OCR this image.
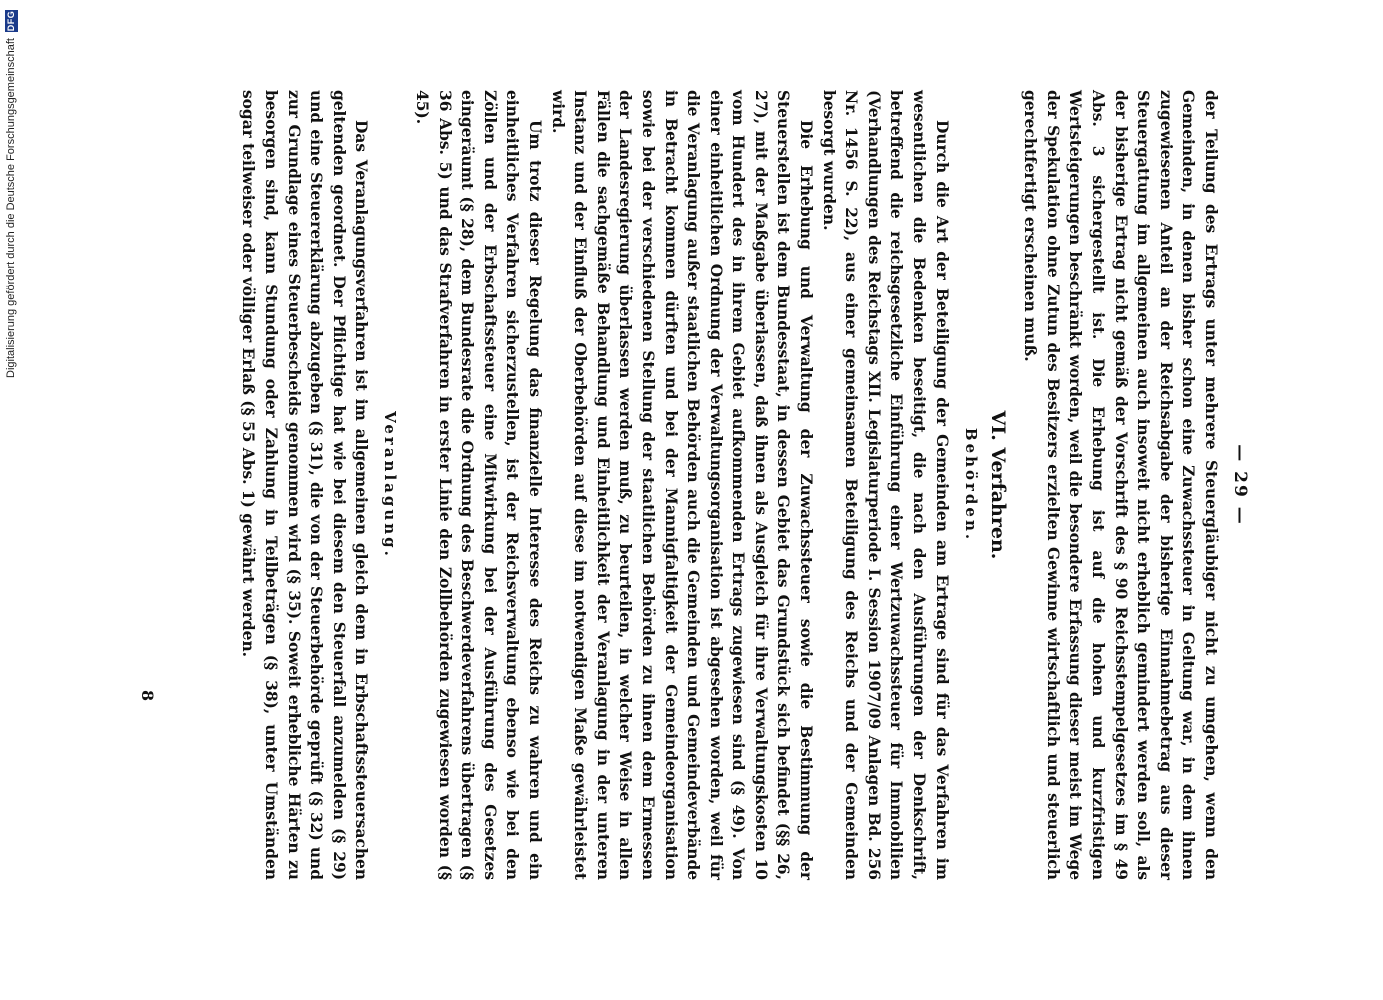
— 29 —

der Teilung des Ertrags unter mehrere Steuergläubiger nicht zu umgehen, wenn den Gemeinden, in denen bisher schon eine Zuwachssteuer in Geltung war, in dem ihnen zugewiesenen Anteil an der Reichsabgabe der bisherige Einnahmebetrag aus dieser Steuergattung im allgemeinen auch insoweit nicht erheblich gemindert werden soll, als der bisherige Ertrag nicht gemäß der Vorschrift des § 90 Reichsstempelgesetzes im § 49 Abs. 3 sichergestellt ist. Die Erhebung ist auf die hohen und kurzfristigen Wertsteigerungen beschränkt worden, weil die besondere Erfassung dieser meist im Wege der Spekulation ohne Zutun des Besitzers erzielten Gewinne wirtschaftlich und steuerlich gerechtfertigt erscheinen muß.

VI. Verfahren.
Behörden.

Durch die Art der Beteiligung der Gemeinden am Ertrage sind für das Verfahren im wesentlichen die Bedenken beseitigt, die nach den Ausführungen der Denkschrift, betreffend die reichsgesetzliche Einführung einer Wertzuwachssteuer für Immobilien (Verhandlungen des Reichstags XII. Legislaturperiode I. Session 1907/09 Anlagen Bd. 256 Nr. 1456 S. 22), aus einer gemeinsamen Beteiligung des Reichs und der Gemeinden besorgt wurden.

Die Erhebung und Verwaltung der Zuwachssteuer sowie die Bestimmung der Steuerstellen ist dem Bundesstaat, in dessen Gebiet das Grundstück sich befindet (§§ 26, 27), mit der Maßgabe überlassen, daß ihnen als Ausgleich für ihre Verwaltungskosten 10 vom Hundert des in ihrem Gebiet aufkommenden Ertrags zugewiesen sind (§ 49). Von einer einheitlichen Ordnung der Verwaltungsorganisation ist abgesehen worden, weil für die Veranlagung außer staatlichen Behörden auch die Gemeinden und Gemeindeverbände in Betracht kommen dürften und bei der Mannigfaltigkeit der Gemeindeorganisation sowie bei der verschiedenen Stellung der staatlichen Behörden zu ihnen dem Ermessen der Landesregierung überlassen werden muß, zu beurteilen, in welcher Weise in allen Fällen die sachgemäße Behandlung und Einheitlichkeit der Veranlagung in der unteren Instanz und der Einfluß der Oberbehörden auf diese im notwendigen Maße gewährleistet wird.

Um trotz dieser Regelung das finanzielle Interesse des Reichs zu wahren und ein einheitliches Verfahren sicherzustellen, ist der Reichsverwaltung ebenso wie bei den Zöllen und der Erbschaftssteuer eine Mitwirkung bei der Ausführung des Gesetzes eingeräumt (§ 28), dem Bundesrate die Ordnung des Beschwerdeverfahrens übertragen (§ 36 Abs. 5) und das Strafverfahren in erster Linie den Zollbehörden zugewiesen worden (§ 45).

Veranlagung.

Das Veranlagungsverfahren ist im allgemeinen gleich dem in Erbschaftssteuersachen geltenden geordnet. Der Pflichtige hat wie bei diesem den Steuerfall anzumelden (§ 29) und eine Steuererklärung abzugeben (§ 31), die von der Steuerbehörde geprüft (§ 32) und zur Grundlage eines Steuerbescheids genommen wird (§ 35). Soweit erhebliche Härten zu besorgen sind, kann Stundung oder Zahlung in Teilbeträgen (§ 38), unter Umständen sogar teilweiser oder völliger Erlaß (§ 55 Abs. 1) gewährt werden.

8
Digitalisierung gefördert durch die Deutsche Forschungsgemeinschaft
DFG
